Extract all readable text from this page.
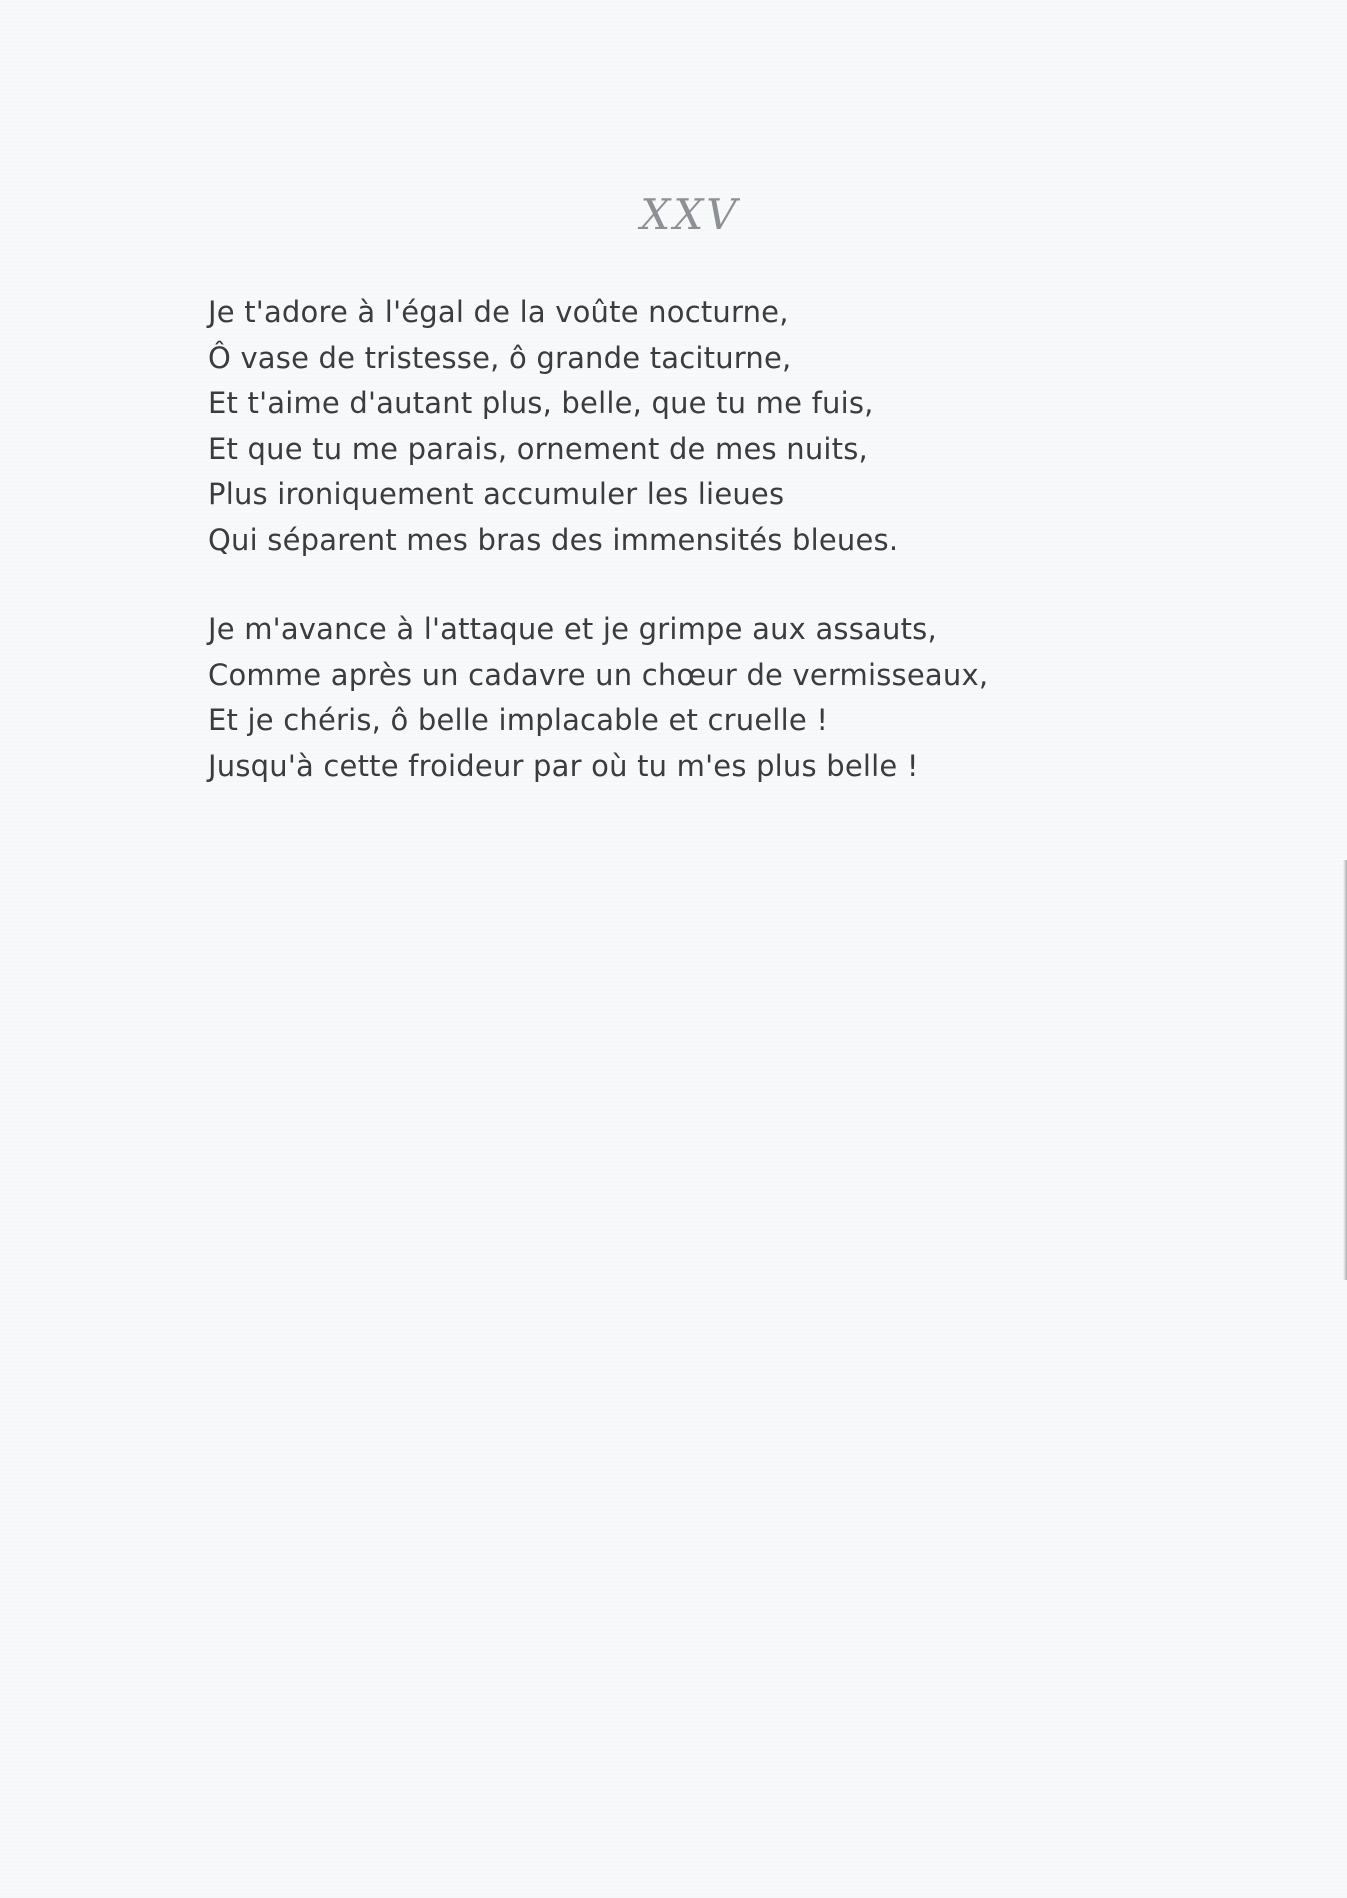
XXV

Je t'adore à l'égal de la voûte nocturne,
Ô vase de tristesse, ô grande taciturne,
Et t'aime d'autant plus, belle, que tu me fuis,
Et que tu me parais, ornement de mes nuits,
Plus ironiquement accumuler les lieues
Qui séparent mes bras des immensités bleues.

Je m'avance à l'attaque et je grimpe aux assauts,
Comme après un cadavre un chœur de vermisseaux,
Et je chéris, ô belle implacable et cruelle !
Jusqu'à cette froideur par où tu m'es plus belle !
